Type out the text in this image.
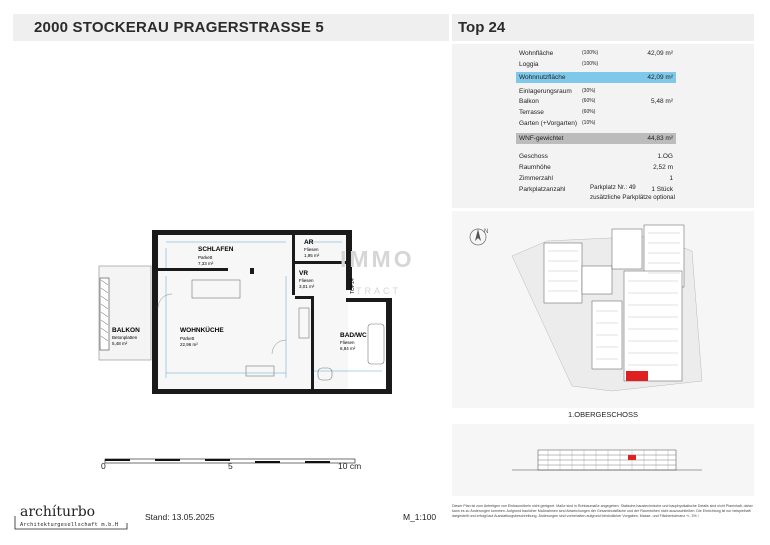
2000 STOCKERAU PRAGERSTRASSE 5	Top 24
Wohnfläche	(100%)	42,09 m²
Loggia	(100%)
Wohnnutzfläche	42,09 m²
Einlagerungsraum (30%)
Balkon	(60%)	5,48 m²
Terrasse	(60%)
Garten (+Vorgarten) (10%)
WNF-gewichtet	44,83 m²
Geschoss	1.OG
Raumhöhe	2,52 m
Zimmerzahl	1
Parkplatzanzahl	1 Stück
Parkplatz Nr.: 49
zusätzliche Parkplätze optional
SCHLAFEN
Parkett
7,33 m²
AR
Fliesen
1,95 m²
VR
Fliesen
3,01 m²
WOHNKÜCHE
Parkett
22,96 m²
BAD/WC
Fliesen
6,84 m²
BALKON
Betonplatten
5,48 m²
TOP24
IMMO
TRACT
N
1.OBERGESCHOSS
0	5	10 cm
archíturbo
Architekturgesellschaft m.b.H
Stand: 13.05.2025	M_1:100
Dieser Plan ist zum Anfertigen von Einbaumöbeln nicht geeignet. Maße sind in Rohbaumaße angegeben. Statische,haustechnische und bauphysikalische Details sind nicht Planinhalt, daher kann es zu Änderungen kommen. Aufgrund baulicher Maßnahmen sind Abweichungen der Gesamtnutzfläche und der Raumhöhen nicht auszuschließen. Die Einrichtung ist nur beispielhaft dargestellt und erfolgt laut Ausstattungsbeschreibung. Änderungen sind vorbehalten aufgrund behördlicher Vorgaben. Masse- und Flächentoleranz +/- 3% !
